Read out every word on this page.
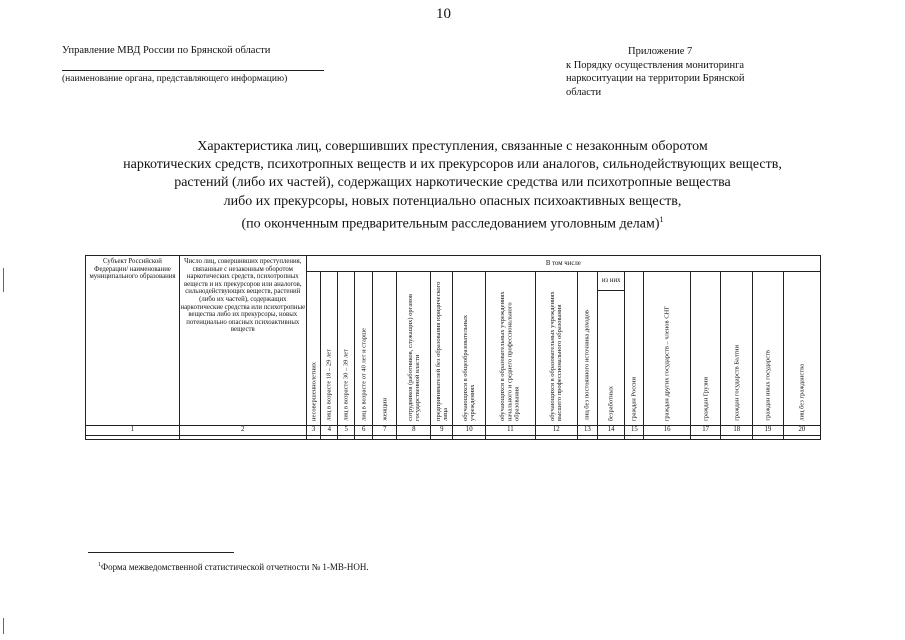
10
Управление МВД России по Брянской области
(наименование органа, представляющего информацию)
Приложение 7
к Порядку осуществления мониторинга
наркоситуации на территории Брянской
области
Характеристика лиц, совершивших преступления, связанные с незаконным оборотом
наркотических средств, психотропных веществ и их прекурсоров или аналогов, сильнодействующих веществ,
растений (либо их частей), содержащих наркотические средства или психотропные вещества
либо их прекурсоры, новых потенциально опасных психоактивных веществ,
(по оконченным предварительным расследованием уголовным делам)$^1$
Субъект Российской Федерации/ наименование муниципального образования	Число лиц, совершивших преступления, связанные с незаконным оборотом наркотических средств, психотропных веществ и их прекурсоров или аналогов, сильнодействующих веществ, растений (либо их частей), содержащих наркотические средства или психотропные вещества либо их прекурсоры, новых потенциально опасных психоактивных веществ	В том числе																	

		несовершеннолетних	лиц в возрасте 18 – 29 лет	лиц в возрасте 30 – 39 лет	лиц в возрасте от 40 лет и старше	женщин	сотрудников (работников, служащих) органов государственной власти	предпринимателей без образования юридического лица	обучающихся в общеобразовательных учреждениях	обучающихся в образовательных учреждениях начального и среднего профессионального образования	обучающихся в образовательных учреждениях высшего профессионального образования	лиц без постоянного источника доходов	из них	граждан России	граждан других государств – членов СНГ	граждан Грузии	граждан государств Балтии	граждан иных государств	лиц без гражданства

													безработных						

1	2	3	4	5	6	7	8	9	10	11	12	13	14	15	16	17	18	19	20

$^1$Форма межведомственной статистической отчетности № 1-МВ-НОН.
